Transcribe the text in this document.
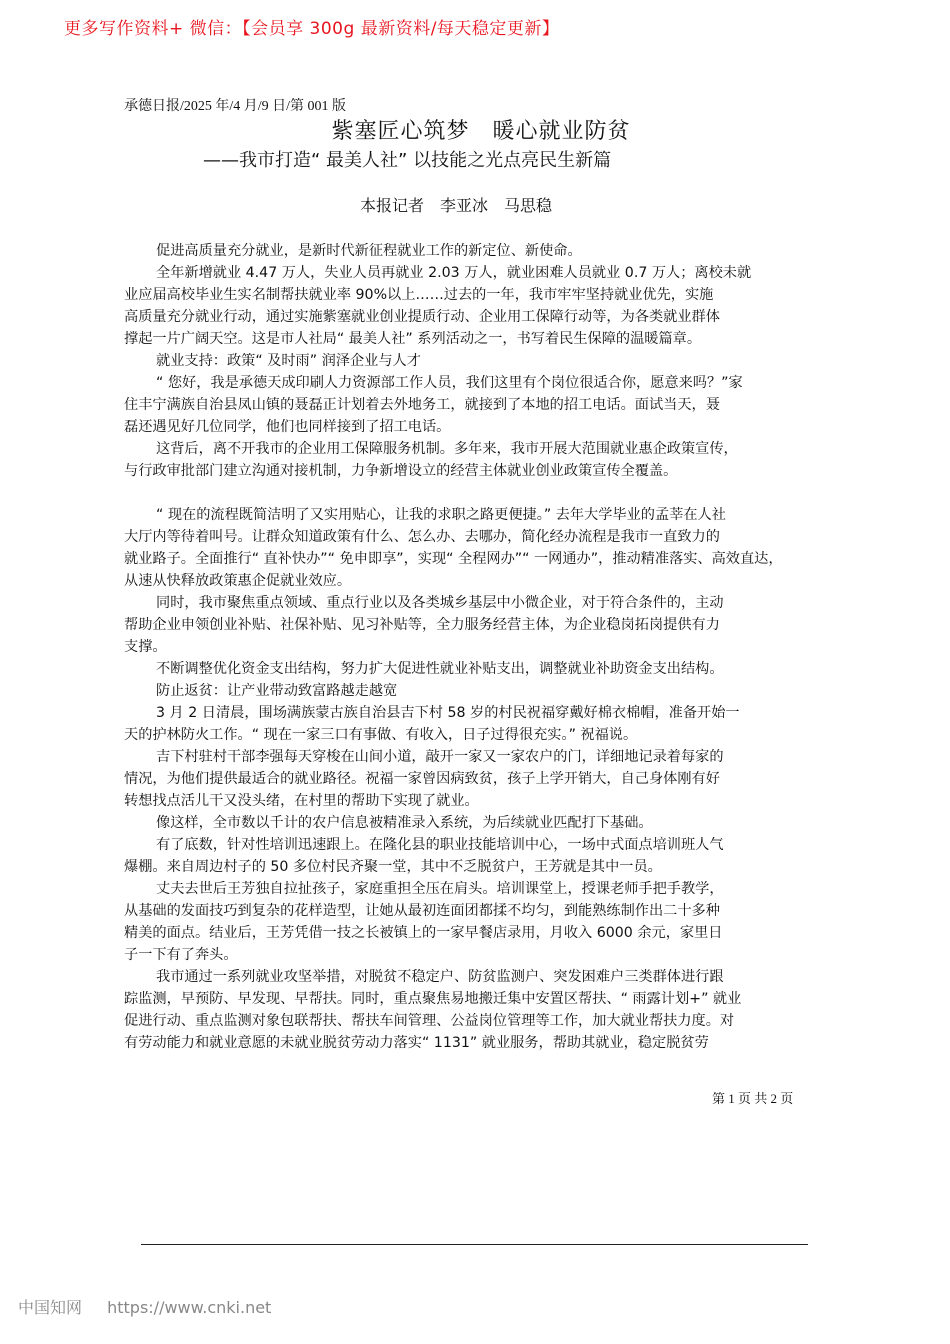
更多写作资料+ 微信：【会员享 300g 最新资料/每天稳定更新】
承德日报/2025 年/4 月/9 日/第 001 版
紫塞匠心筑梦　暖心就业防贫
——我市打造“ 最美人社” 以技能之光点亮民生新篇
本报记者　李亚冰　马思稳
促进高质量充分就业，是新时代新征程就业工作的新定位、新使命。
全年新增就业 4.47 万人，失业人员再就业 2.03 万人，就业困难人员就业 0.7 万人；离校未就
业应届高校毕业生实名制帮扶就业率 90%以上……过去的一年，我市牢牢坚持就业优先，实施
高质量充分就业行动，通过实施紫塞就业创业提质行动、企业用工保障行动等，为各类就业群体
撑起一片广阔天空。这是市人社局“ 最美人社” 系列活动之一，书写着民生保障的温暖篇章。
就业支持：政策“ 及时雨” 润泽企业与人才
“ 您好，我是承德天成印刷人力资源部工作人员，我们这里有个岗位很适合你，愿意来吗？”家
住丰宁满族自治县凤山镇的聂磊正计划着去外地务工，就接到了本地的招工电话。面试当天，聂
磊还遇见好几位同学，他们也同样接到了招工电话。
这背后，离不开我市的企业用工保障服务机制。多年来，我市开展大范围就业惠企政策宣传，
与行政审批部门建立沟通对接机制，力争新增设立的经营主体就业创业政策宣传全覆盖。
“ 现在的流程既简洁明了又实用贴心，让我的求职之路更便捷。” 去年大学毕业的孟莘在人社
大厅内等待着叫号。让群众知道政策有什么、怎么办、去哪办，简化经办流程是我市一直致力的
就业路子。全面推行“ 直补快办”“ 免申即享”，实现“ 全程网办”“ 一网通办”，推动精准落实、高效直达，
从速从快释放政策惠企促就业效应。
同时，我市聚焦重点领域、重点行业以及各类城乡基层中小微企业，对于符合条件的，主动
帮助企业申领创业补贴、社保补贴、见习补贴等，全力服务经营主体，为企业稳岗拓岗提供有力
支撑。
不断调整优化资金支出结构，努力扩大促进性就业补贴支出，调整就业补助资金支出结构。
防止返贫：让产业带动致富路越走越宽
3 月 2 日清晨，围场满族蒙古族自治县吉下村 58 岁的村民祝福穿戴好棉衣棉帽，准备开始一
天的护林防火工作。“ 现在一家三口有事做、有收入，日子过得很充实。” 祝福说。
吉下村驻村干部李强每天穿梭在山间小道，敲开一家又一家农户的门，详细地记录着每家的
情况，为他们提供最适合的就业路径。祝福一家曾因病致贫，孩子上学开销大，自己身体刚有好
转想找点活儿干又没头绪，在村里的帮助下实现了就业。
像这样，全市数以千计的农户信息被精准录入系统，为后续就业匹配打下基础。
有了底数，针对性培训迅速跟上。在隆化县的职业技能培训中心，一场中式面点培训班人气
爆棚。来自周边村子的 50 多位村民齐聚一堂，其中不乏脱贫户，王芳就是其中一员。
丈夫去世后王芳独自拉扯孩子，家庭重担全压在肩头。培训课堂上，授课老师手把手教学，
从基础的发面技巧到复杂的花样造型，让她从最初连面团都揉不均匀，到能熟练制作出二十多种
精美的面点。结业后，王芳凭借一技之长被镇上的一家早餐店录用，月收入 6000 余元，家里日
子一下有了奔头。
我市通过一系列就业攻坚举措，对脱贫不稳定户、防贫监测户、突发困难户三类群体进行跟
踪监测，早预防、早发现、早帮扶。同时，重点聚焦易地搬迁集中安置区帮扶、“ 雨露计划+” 就业
促进行动、重点监测对象包联帮扶、帮扶车间管理、公益岗位管理等工作，加大就业帮扶力度。对
有劳动能力和就业意愿的未就业脱贫劳动力落实“ 1131” 就业服务，帮助其就业，稳定脱贫劳
第 1 页 共 2 页
中国知网 https://www.cnki.net
